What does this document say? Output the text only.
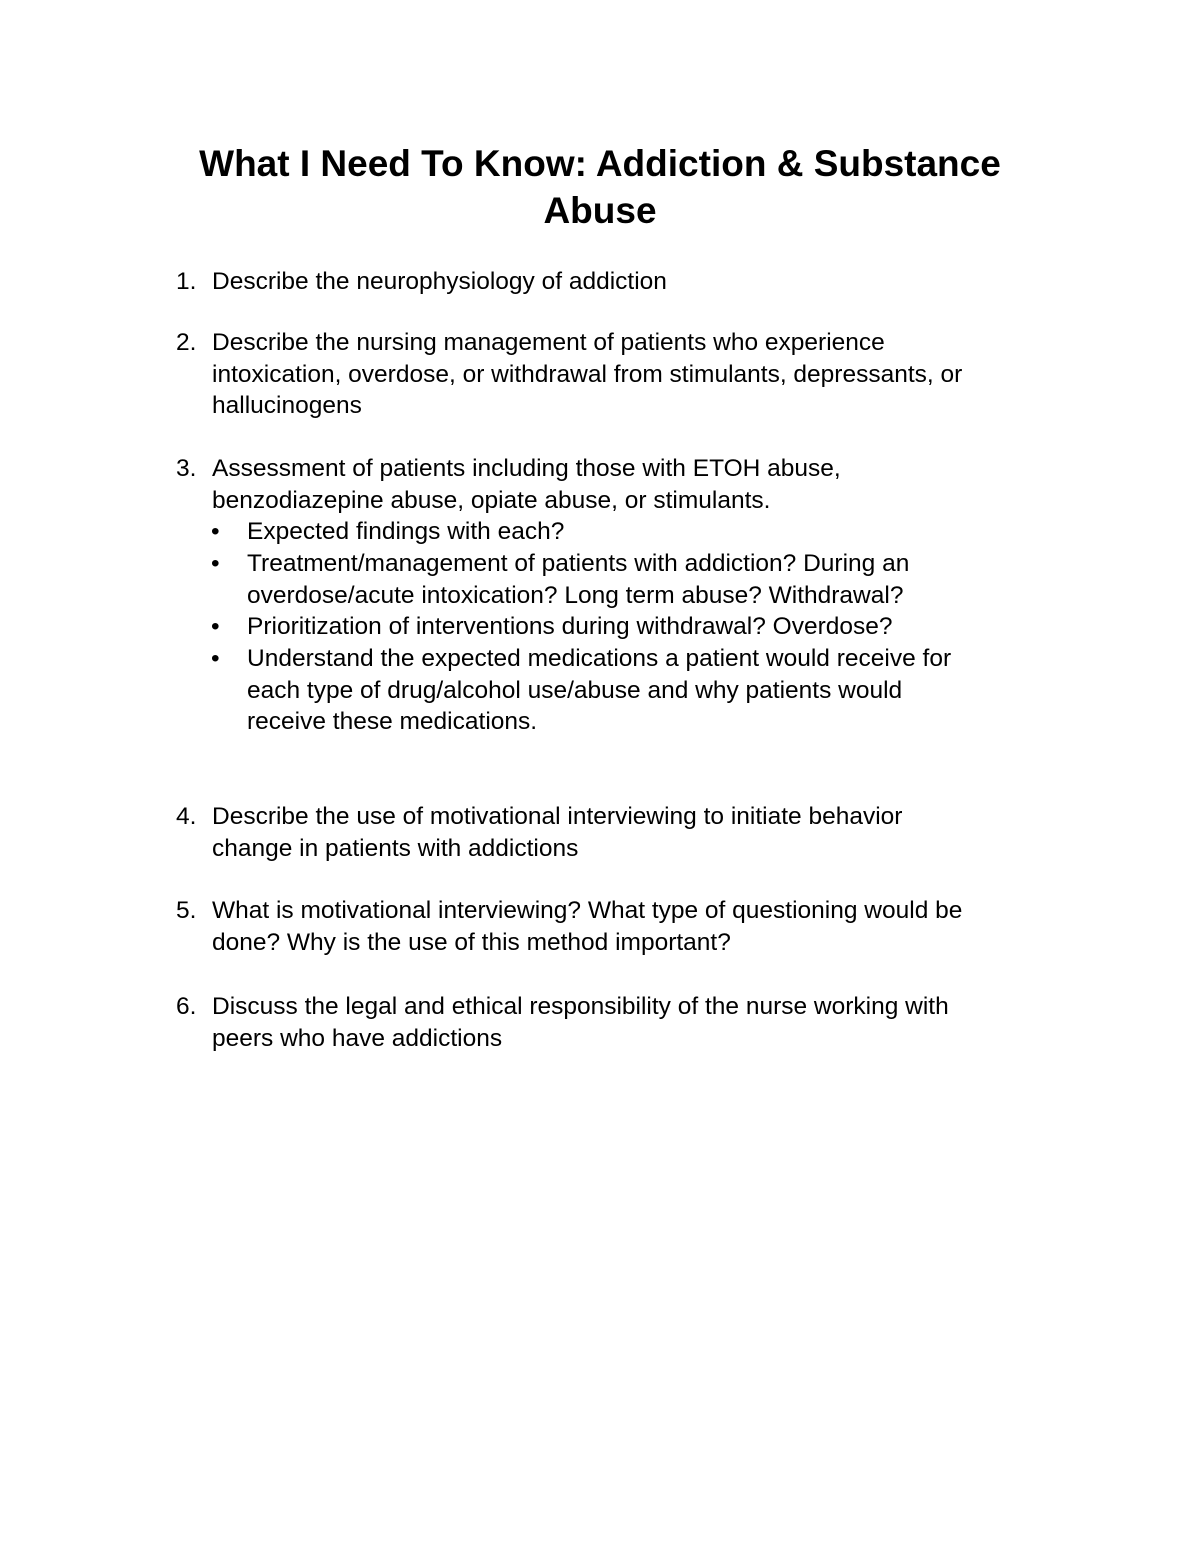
What I Need To Know: Addiction & Substance
Abuse
1. Describe the neurophysiology of addiction
2. Describe the nursing management of patients who experience
intoxication, overdose, or withdrawal from stimulants, depressants, or
hallucinogens
3. Assessment of patients including those with ETOH abuse,
benzodiazepine abuse, opiate abuse, or stimulants.
•	Expected findings with each?
•	Treatment/management of patients with addiction? During an
overdose/acute intoxication? Long term abuse? Withdrawal?
•	Prioritization of interventions during withdrawal? Overdose?
•	Understand the expected medications a patient would receive for
each type of drug/alcohol use/abuse and why patients would
receive these medications.
4. Describe the use of motivational interviewing to initiate behavior
change in patients with addictions
5. What is motivational interviewing? What type of questioning would be
done? Why is the use of this method important?
6. Discuss the legal and ethical responsibility of the nurse working with
peers who have addictions
